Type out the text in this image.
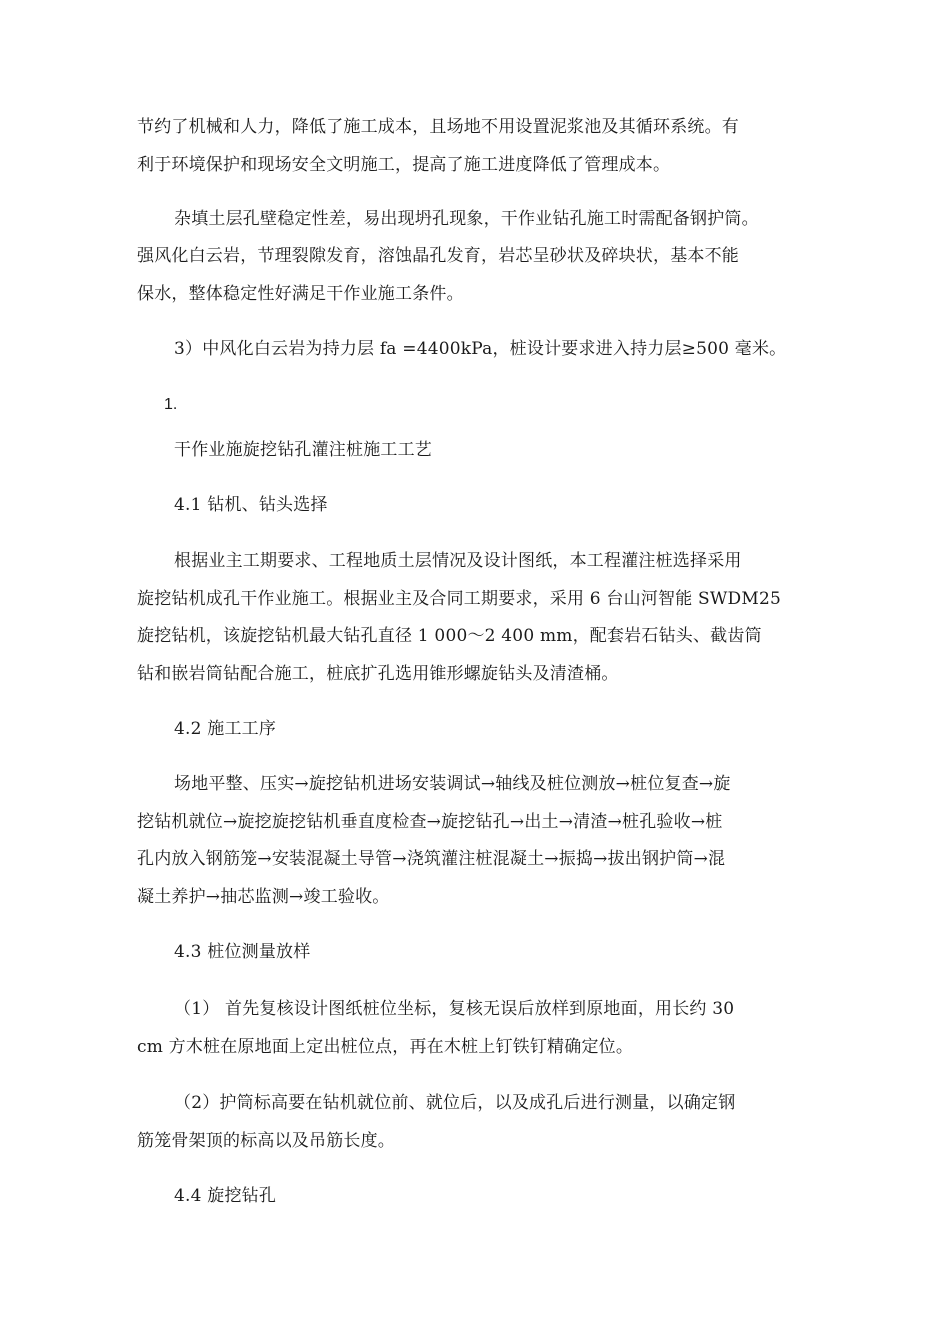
节约了机械和人力，降低了施工成本，且场地不用设置泥浆池及其循环系统。有
利于环境保护和现场安全文明施工，提高了施工进度降低了管理成本。
杂填土层孔壁稳定性差，易出现坍孔现象，干作业钻孔施工时需配备钢护筒。
强风化白云岩，节理裂隙发育，溶蚀晶孔发育，岩芯呈砂状及碎块状，基本不能
保水，整体稳定性好满足干作业施工条件。
3）中风化白云岩为持力层 fa =4400kPa，桩设计要求进入持力层≥500 毫米。
1.
干作业施旋挖钻孔灌注桩施工工艺
4.1 钻机、钻头选择
根据业主工期要求、工程地质土层情况及设计图纸，本工程灌注桩选择采用
旋挖钻机成孔干作业施工。根据业主及合同工期要求，采用 6 台山河智能 SWDM25
旋挖钻机，该旋挖钻机最大钻孔直径 1 000～2 400 mm，配套岩石钻头、截齿筒
钻和嵌岩筒钻配合施工，桩底扩孔选用锥形螺旋钻头及清渣桶。
4.2 施工工序
场地平整、压实→旋挖钻机进场安装调试→轴线及桩位测放→桩位复查→旋
挖钻机就位→旋挖旋挖钻机垂直度检查→旋挖钻孔→出土→清渣→桩孔验收→桩
孔内放入钢筋笼→安装混凝土导管→浇筑灌注桩混凝土→振捣→拔出钢护筒→混
凝土养护→抽芯监测→竣工验收。
4.3 桩位测量放样
（1） 首先复核设计图纸桩位坐标，复核无误后放样到原地面，用长约 30
cm 方木桩在原地面上定出桩位点，再在木桩上钉铁钉精确定位。
（2）护筒标高要在钻机就位前、就位后，以及成孔后进行测量，以确定钢
筋笼骨架顶的标高以及吊筋长度。
4.4 旋挖钻孔
